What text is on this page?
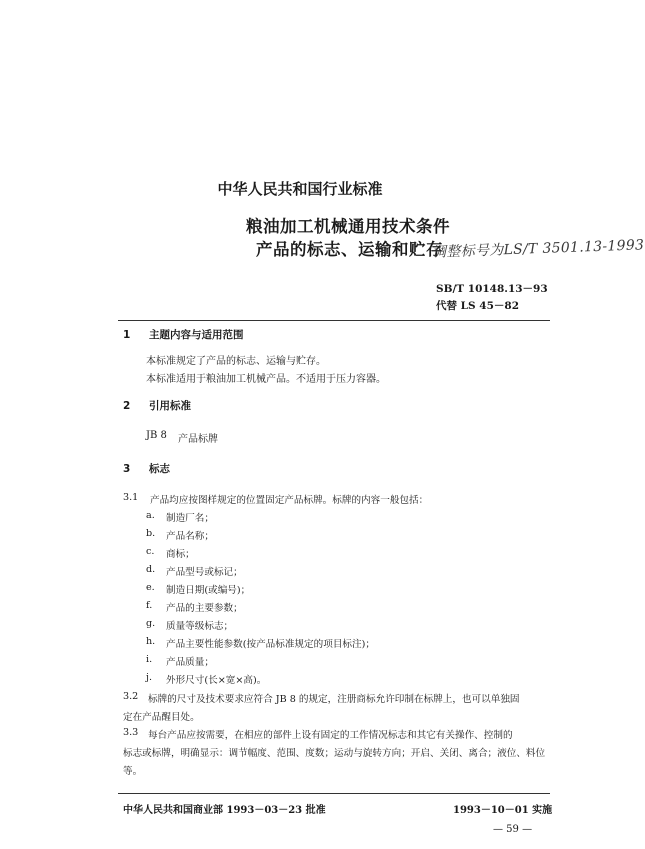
中华人民共和国行业标准
粮油加工机械通用技术条件
产品的标志、运输和贮存
调整标号为LS/T 3501.13-1993
SB/T 10148.13－93
代替 LS 45－82
1 主题内容与适用范围
本标准规定了产品的标志、运输与贮存。
本标准适用于粮油加工机械产品。不适用于压力容器。
2 引用标准
JB 8 产品标牌
3 标志
3.1 产品均应按图样规定的位置固定产品标牌。标牌的内容一般包括：
a. 制造厂名；
b. 产品名称；
c. 商标；
d. 产品型号或标记；
e. 制造日期(或编号)；
f. 产品的主要参数；
g. 质量等级标志；
h. 产品主要性能参数(按产品标准规定的项目标注)；
i. 产品质量；
j. 外形尺寸(长×宽×高)。
3.2 标牌的尺寸及技术要求应符合 JB 8 的规定，注册商标允许印制在标牌上，也可以单独固
定在产品醒目处。
3.3 每台产品应按需要，在相应的部件上设有固定的工作情况标志和其它有关操作、控制的
标志或标牌，明确显示：调节幅度、范围、度数；运动与旋转方向；开启、关闭、离合；液位、料位
等。
中华人民共和国商业部 1993－03－23 批准	1993－10－01 实施
— 59 —
